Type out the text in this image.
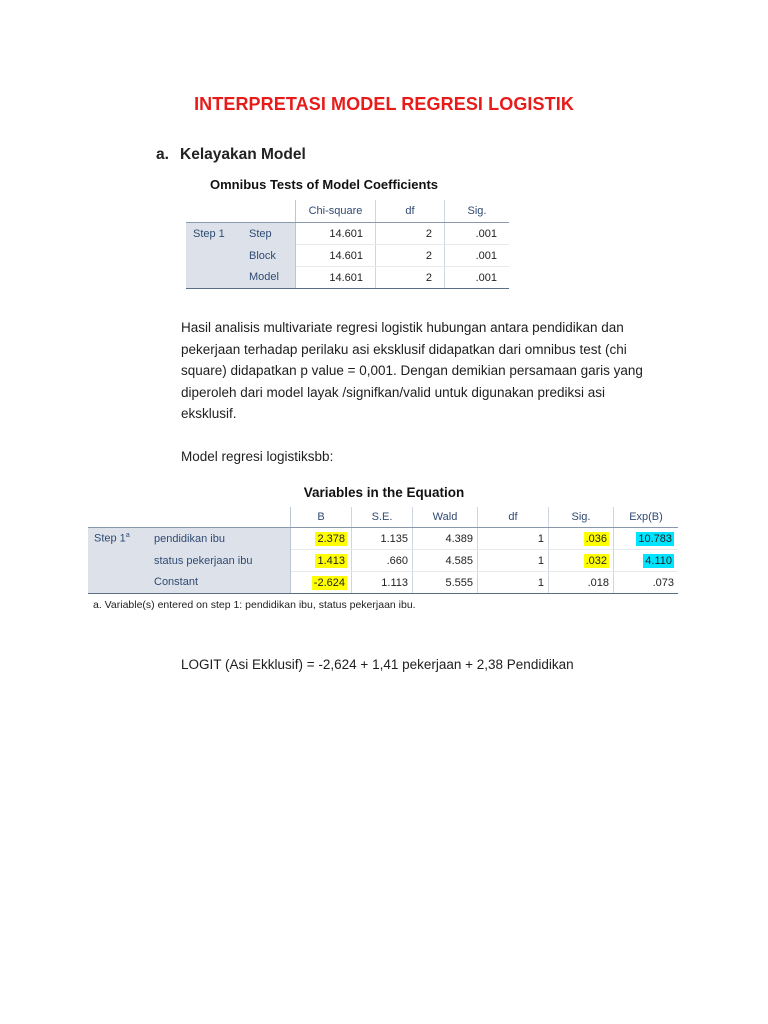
INTERPRETASI MODEL REGRESI LOGISTIK
a. Kelayakan Model
Omnibus Tests of Model Coefficients
		Chi-square	df	Sig.
Step 1	Step	14.601	2	.001
	Block	14.601	2	.001
	Model	14.601	2	.001
Hasil analisis multivariate regresi logistik hubungan antara pendidikan dan pekerjaan terhadap perilaku asi eksklusif didapatkan dari omnibus test (chi square) didapatkan p value = 0,001. Dengan demikian persamaan garis yang diperoleh dari model layak /signifkan/valid untuk digunakan prediksi asi eksklusif.
Model regresi logistiksbb:
Variables in the Equation
		B	S.E.	Wald	df	Sig.	Exp(B)
Step 1$^a$	pendidikan ibu	2.378	1.135	4.389	1	.036	10.783
	status pekerjaan ibu	1.413	.660	4.585	1	.032	4.110
	Constant	-2.624	1.113	5.555	1	.018	.073
a. Variable(s) entered on step 1: pendidikan ibu, status pekerjaan ibu.
LOGIT (Asi Ekklusif) = -2,624 + 1,41 pekerjaan + 2,38 Pendidikan
